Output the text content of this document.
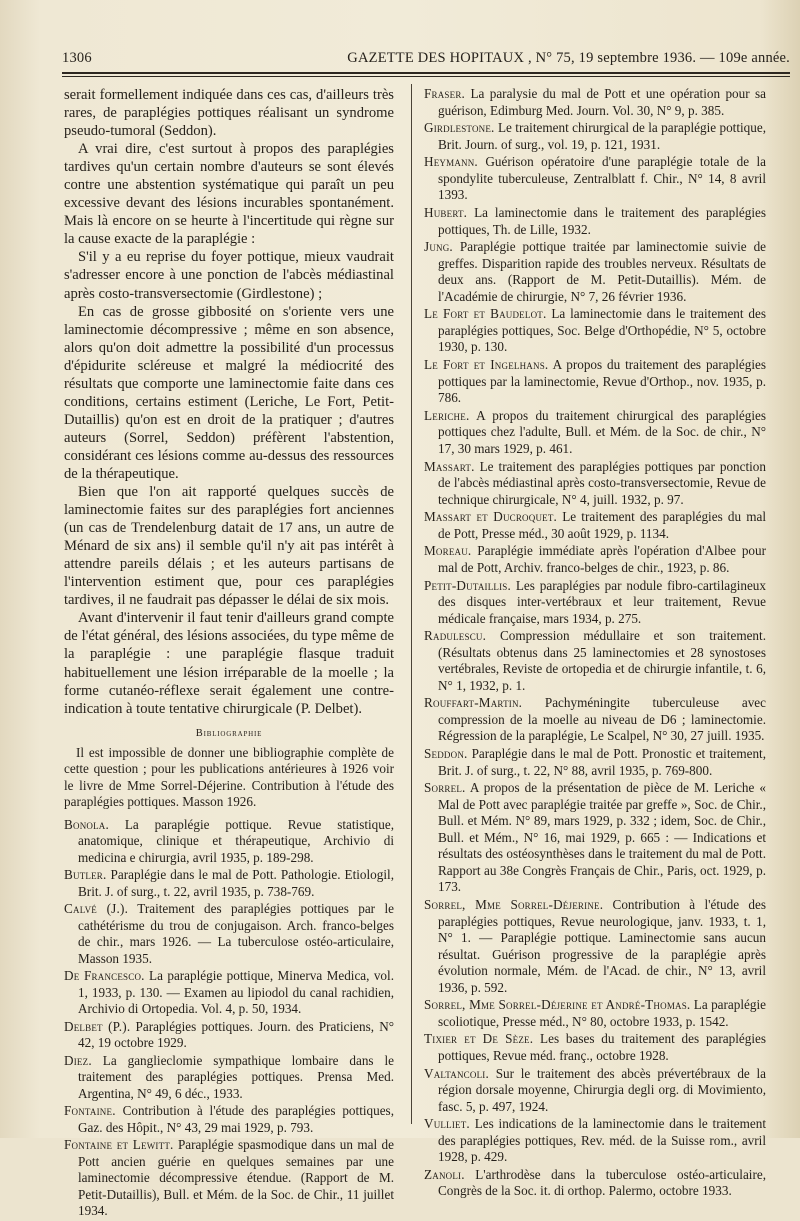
1306	GAZETTE DES HOPITAUX , N° 75, 19 septembre 1936. — 109e année.

serait formellement indiquée dans ces cas, d'ailleurs très rares, de paraplégies pottiques réalisant un syndrome pseudo-tumoral (Seddon).

A vrai dire, c'est surtout à propos des paraplégies tardives qu'un certain nombre d'auteurs se sont élevés contre une abstention systématique qui paraît un peu excessive devant des lésions incurables spontanément. Mais là encore on se heurte à l'incertitude qui règne sur la cause exacte de la paraplégie :

S'il y a eu reprise du foyer pottique, mieux vaudrait s'adresser encore à une ponction de l'abcès médiastinal après costo-transversectomie (Girdlestone) ;

En cas de grosse gibbosité on s'oriente vers une laminectomie décompressive ; même en son absence, alors qu'on doit admettre la possibilité d'un processus d'épidurite scléreuse et malgré la médiocrité des résultats que comporte une laminectomie faite dans ces conditions, certains estiment (Leriche, Le Fort, Petit-Dutaillis) qu'on est en droit de la pratiquer ; d'autres auteurs (Sorrel, Seddon) préfèrent l'abstention, considérant ces lésions comme au-dessus des ressources de la thérapeutique.

Bien que l'on ait rapporté quelques succès de laminectomie faites sur des paraplégies fort anciennes (un cas de Trendelenburg datait de 17 ans, un autre de Ménard de six ans) il semble qu'il n'y ait pas intérêt à attendre pareils délais ; et les auteurs partisans de l'intervention estiment que, pour ces paraplégies tardives, il ne faudrait pas dépasser le délai de six mois.

Avant d'intervenir il faut tenir d'ailleurs grand compte de l'état général, des lésions associées, du type même de la paraplégie : une paraplégie flasque traduit habituellement une lésion irréparable de la moelle ; la forme cutanéo-réflexe serait également une contre-indication à toute tentative chirurgicale (P. Delbet).

Bibliographie

Il est impossible de donner une bibliographie complète de cette question ; pour les publications antérieures à 1926 voir le livre de Mme Sorrel-Déjerine. Contribution à l'étude des paraplégies pottiques. Masson 1926.

Bonola. La paraplégie pottique. Revue statistique, anatomique, clinique et thérapeutique, Archivio di medicina e chirurgia, avril 1935, p. 189-298.

Butler. Paraplégie dans le mal de Pott. Pathologie. Etiologil, Brit. J. of surg., t. 22, avril 1935, p. 738-769.

Calvé (J.). Traitement des paraplégies pottiques par le cathétérisme du trou de conjugaison. Arch. franco-belges de chir., mars 1926. — La tuberculose ostéo-articulaire, Masson 1935.

De Francesco. La paraplégie pottique, Minerva Medica, vol. 1, 1933, p. 130. — Examen au lipiodol du canal rachidien, Archivio di Ortopedia. Vol. 4, p. 50, 1934.

Delbet (P.). Paraplégies pottiques. Journ. des Praticiens, N° 42, 19 octobre 1929.

Diez. La ganglieclomie sympathique lombaire dans le traitement des paraplégies pottiques. Prensa Med. Argentina, N° 49, 6 déc., 1933.

Fontaine. Contribution à l'étude des paraplégies pottiques, Gaz. des Hôpit., N° 43, 29 mai 1929, p. 793.

Fontaine et Lewitt. Paraplégie spasmodique dans un mal de Pott ancien guérie en quelques semaines par une laminectomie décompressive étendue. (Rapport de M. Petit-Dutaillis), Bull. et Mém. de la Soc. de Chir., 11 juillet 1934.

Fraser. La paralysie du mal de Pott et une opération pour sa guérison, Edimburg Med. Journ. Vol. 30, N° 9, p. 385.

Girdlestone. Le traitement chirurgical de la paraplégie pottique, Brit. Journ. of surg., vol. 19, p. 121, 1931.

Heymann. Guérison opératoire d'une paraplégie totale de la spondylite tuberculeuse, Zentralblatt f. Chir., N° 14, 8 avril 1393.

Hubert. La laminectomie dans le traitement des paraplégies pottiques, Th. de Lille, 1932.

Jung. Paraplégie pottique traitée par laminectomie suivie de greffes. Disparition rapide des troubles nerveux. Résultats de deux ans. (Rapport de M. Petit-Dutaillis). Mém. de l'Académie de chirurgie, N° 7, 26 février 1936.

Le Fort et Baudelot. La laminectomie dans le traitement des paraplégies pottiques, Soc. Belge d'Orthopédie, N° 5, octobre 1930, p. 130.

Le Fort et Ingelhans. A propos du traitement des paraplégies pottiques par la laminectomie, Revue d'Orthop., nov. 1935, p. 786.

Leriche. A propos du traitement chirurgical des paraplégies pottiques chez l'adulte, Bull. et Mém. de la Soc. de chir., N° 17, 30 mars 1929, p. 461.

Massart. Le traitement des paraplégies pottiques par ponction de l'abcès médiastinal après costo-transversectomie, Revue de technique chirurgicale, N° 4, juill. 1932, p. 97.

Massart et Ducroquet. Le traitement des paraplégies du mal de Pott, Presse méd., 30 août 1929, p. 1134.

Moreau. Paraplégie immédiate après l'opération d'Albee pour mal de Pott, Archiv. franco-belges de chir., 1923, p. 86.

Petit-Dutaillis. Les paraplégies par nodule fibro-cartilagineux des disques inter-vertébraux et leur traitement, Revue médicale française, mars 1934, p. 275.

Radulescu. Compression médullaire et son traitement. (Résultats obtenus dans 25 laminectomies et 28 synostoses vertébrales, Reviste de ortopedia et de chirurgie infantile, t. 6, N° 1, 1932, p. 1.

Rouffart-Martin. Pachyméningite tuberculeuse avec compression de la moelle au niveau de D6 ; laminectomie. Régression de la paraplégie, Le Scalpel, N° 30, 27 juill. 1935.

Seddon. Paraplégie dans le mal de Pott. Pronostic et traitement, Brit. J. of surg., t. 22, N° 88, avril 1935, p. 769-800.

Sorrel. A propos de la présentation de pièce de M. Leriche « Mal de Pott avec paraplégie traitée par greffe », Soc. de Chir., Bull. et Mém. N° 89, mars 1929, p. 332 ; idem, Soc. de Chir., Bull. et Mém., N° 16, mai 1929, p. 665 : — Indications et résultats des ostéosynthèses dans le traitement du mal de Pott. Rapport au 38e Congrès Français de Chir., Paris, oct. 1929, p. 173.

Sorrel, Mme Sorrel-Déjerine. Contribution à l'étude des paraplégies pottiques, Revue neurologique, janv. 1933, t. 1, N° 1. — Paraplégie pottique. Laminectomie sans aucun résultat. Guérison progressive de la paraplégie après évolution normale, Mém. de l'Acad. de chir., N° 13, avril 1936, p. 592.

Sorrel, Mme Sorrel-Déjerine et André-Thomas. La paraplégie scoliotique, Presse méd., N° 80, octobre 1933, p. 1542.

Tixier et De Sèze. Les bases du traitement des paraplégies pottiques, Revue méd. franç., octobre 1928.

Valtancoli. Sur le traitement des abcès prévertébraux de la région dorsale moyenne, Chirurgia degli org. di Movimiento, fasc. 5, p. 497, 1924.

Vulliet. Les indications de la laminectomie dans le traitement des paraplégies pottiques, Rev. méd. de la Suisse rom., avril 1928, p. 429.

Zanoli. L'arthrodèse dans la tuberculose ostéo-articulaire, Congrès de la Soc. it. di orthop. Palermo, octobre 1933.
